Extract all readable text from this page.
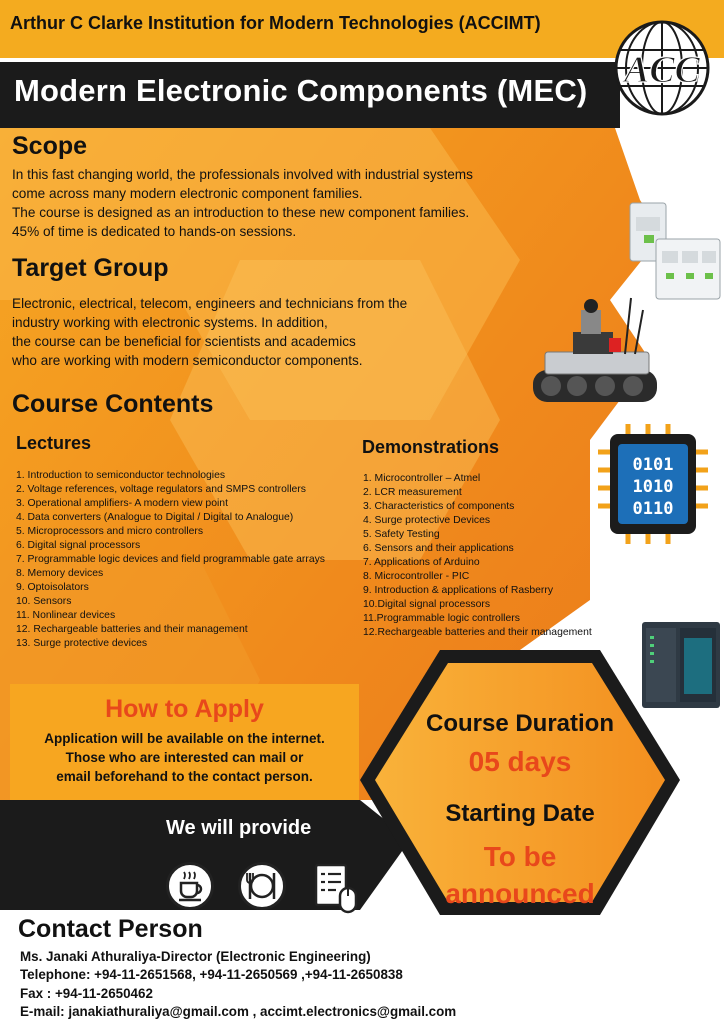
Arthur C Clarke Institution for Modern Technologies (ACCIMT)
Modern Electronic Components (MEC) ACC
Scope
In this fast changing world, the professionals involved with industrial systems
come across many modern electronic component families.
The course is designed as an introduction to these new component families.
45% of time is dedicated to hands-on sessions.
Target Group
Electronic, electrical, telecom, engineers and technicians from the
industry working with electronic systems. In addition,
the course can be beneficial for scientists and academics
who are working with modern semiconductor components.
Course Contents
Lectures
1. Introduction to semiconductor technologies
2. Voltage references, voltage regulators and SMPS controllers
3. Operational amplifiers- A modern view point
4. Data converters (Analogue to Digital / Digital to Analogue)
5. Microprocessors and micro controllers
6. Digital signal processors
7. Programmable logic devices and field programmable gate arrays
8. Memory devices
9. Optoisolators
10. Sensors
11. Nonlinear devices
12. Rechargeable batteries and their management
13. Surge protective devices
Demonstrations
1. Microcontroller – Atmel
2. LCR measurement
3. Characteristics of components
4. Surge protective Devices
5. Safety Testing
6. Sensors and their applications
7. Applications of Arduino
8. Microcontroller - PIC
9. Introduction & applications of Rasberry
10.Digital signal processors
11.Programmable logic controllers
12.Rechargeable batteries and their management
0101
1010
0110
How to Apply
Application will be available on the internet.
Those who are interested can mail or
email beforehand to the contact person.
We will provide
Course Duration
05 days
Starting Date
To be
announced
Contact Person
Ms. Janaki Athuraliya-Director (Electronic Engineering)
Telephone: +94-11-2651568, +94-11-2650569 ,+94-11-2650838
Fax : +94-11-2650462
E-mail: janakiathuraliya@gmail.com , accimt.electronics@gmail.com
